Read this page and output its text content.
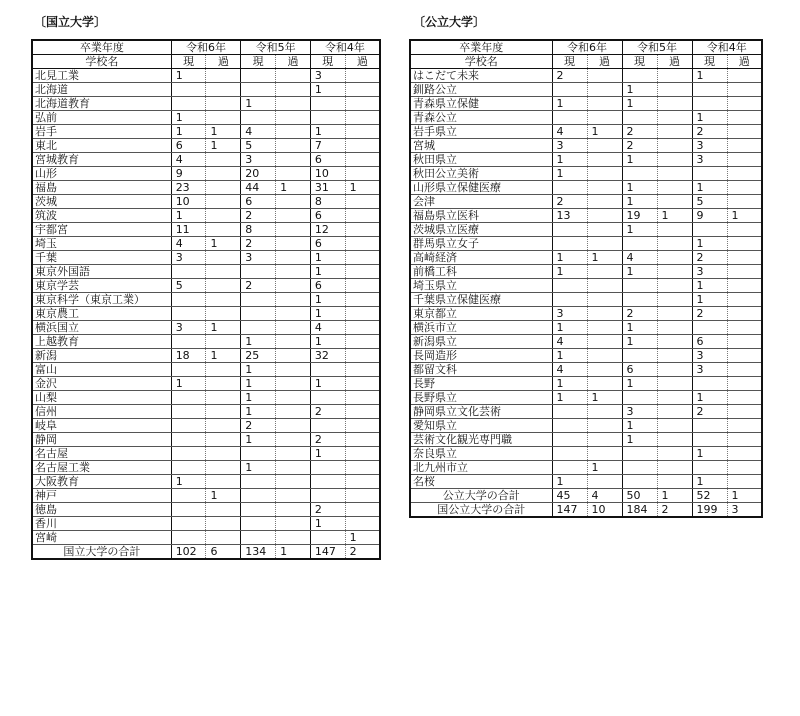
〔国立大学〕	〔公立大学〕
卒業年度	令和6年		令和5年		令和4年	
学校名	現	過	現	過	現	過
北見工業	1				3	
北海道					1	
北海道教育			1			
弘前	1					
岩手	1	1	4		1	
東北	6	1	5		7	
宮城教育	4		3		6	
山形	9		20		10	
福島	23		44	1	31	1
茨城	10		6		8	
筑波	1		2		6	
宇都宮	11		8		12	
埼玉	4	1	2		6	
千葉	3		3		1	
東京外国語					1	
東京学芸	5		2		6	
東京科学（東京工業）					1	
東京農工					1	
横浜国立	3	1			4	
上越教育			1		1	
新潟	18	1	25		32	
富山			1			
金沢	1		1		1	
山梨			1			
信州			1		2	
岐阜			2			
静岡			1		2	
名古屋					1	
名古屋工業			1			
大阪教育	1					
神戸		1				
徳島					2	
香川					1	
宮崎						1
国立大学の合計	102	6	134	1	147	2
卒業年度	令和6年		令和5年		令和4年	
学校名	現	過	現	過	現	過
はこだて未来	2				1	
釧路公立			1			
青森県立保健	1		1			
青森公立					1	
岩手県立	4	1	2		2	
宮城	3		2		3	
秋田県立	1		1		3	
秋田公立美術	1					
山形県立保健医療			1		1	
会津	2		1		5	
福島県立医科	13		19	1	9	1
茨城県立医療			1			
群馬県立女子					1	
高崎経済	1	1	4		2	
前橋工科	1		1		3	
埼玉県立					1	
千葉県立保健医療					1	
東京都立	3		2		2	
横浜市立	1		1			
新潟県立	4		1		6	
長岡造形	1				3	
都留文科	4		6		3	
長野	1		1			
長野県立	1	1			1	
静岡県立文化芸術			3		2	
愛知県立			1			
芸術文化観光専門職			1			
奈良県立					1	
北九州市立		1				
名桜	1				1	
公立大学の合計	45	4	50	1	52	1
国公立大学の合計	147	10	184	2	199	3
